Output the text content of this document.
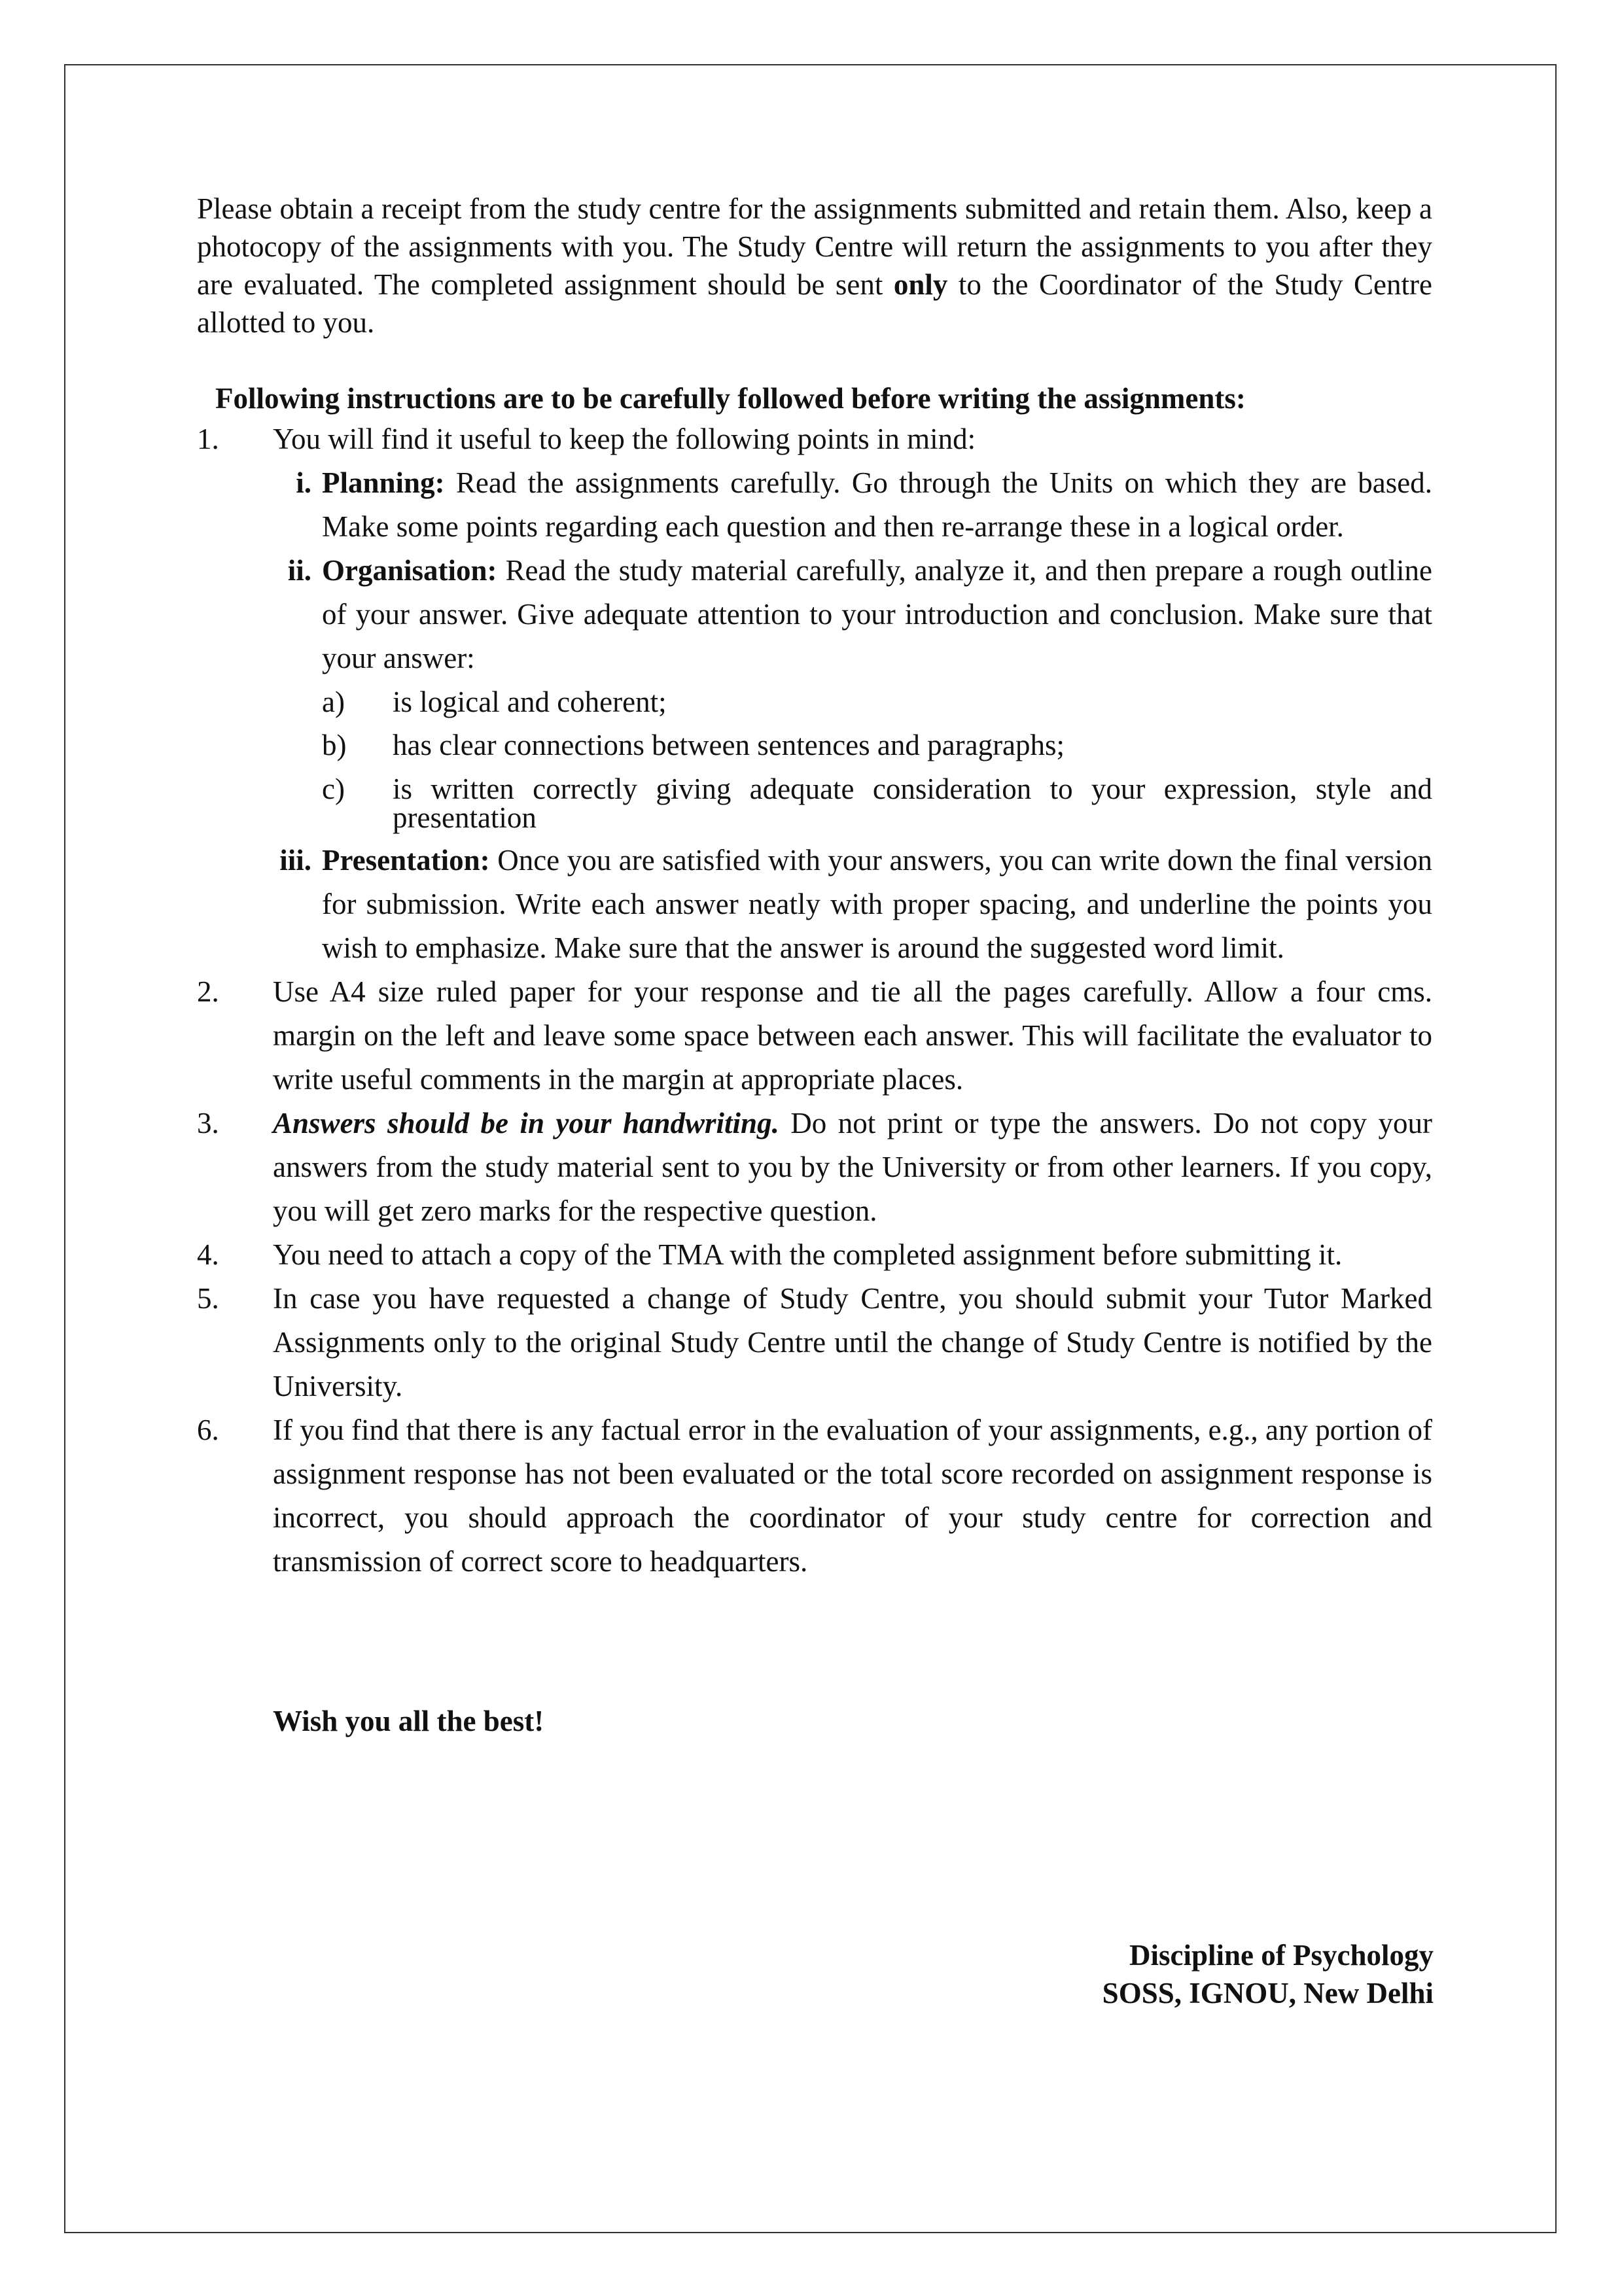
Please obtain a receipt from the study centre for the assignments submitted and retain them. Also, keep a photocopy of the assignments with you. The Study Centre will return the assignments to you after they are evaluated. The completed assignment should be sent only to the Coordinator of the Study Centre allotted to you.

Following instructions are to be carefully followed before writing the assignments:
1. You will find it useful to keep the following points in mind:
i. Planning: Read the assignments carefully. Go through the Units on which they are based. Make some points regarding each question and then re-arrange these in a logical order.
ii. Organisation: Read the study material carefully, analyze it, and then prepare a rough outline of your answer. Give adequate attention to your introduction and conclusion. Make sure that your answer:
a) is logical and coherent;
b) has clear connections between sentences and paragraphs;
c) is written correctly giving adequate consideration to your expression, style and presentation
iii. Presentation: Once you are satisfied with your answers, you can write down the final version for submission. Write each answer neatly with proper spacing, and underline the points you wish to emphasize. Make sure that the answer is around the suggested word limit.
2. Use A4 size ruled paper for your response and tie all the pages carefully. Allow a four cms. margin on the left and leave some space between each answer. This will facilitate the evaluator to write useful comments in the margin at appropriate places.
3. Answers should be in your handwriting. Do not print or type the answers. Do not copy your answers from the study material sent to you by the University or from other learners. If you copy, you will get zero marks for the respective question.
4. You need to attach a copy of the TMA with the completed assignment before submitting it.
5. In case you have requested a change of Study Centre, you should submit your Tutor Marked Assignments only to the original Study Centre until the change of Study Centre is notified by the University.
6. If you find that there is any factual error in the evaluation of your assignments, e.g., any portion of assignment response has not been evaluated or the total score recorded on assignment response is incorrect, you should approach the coordinator of your study centre for correction and transmission of correct score to headquarters.
Wish you all the best!
Discipline of Psychology
SOSS, IGNOU, New Delhi
